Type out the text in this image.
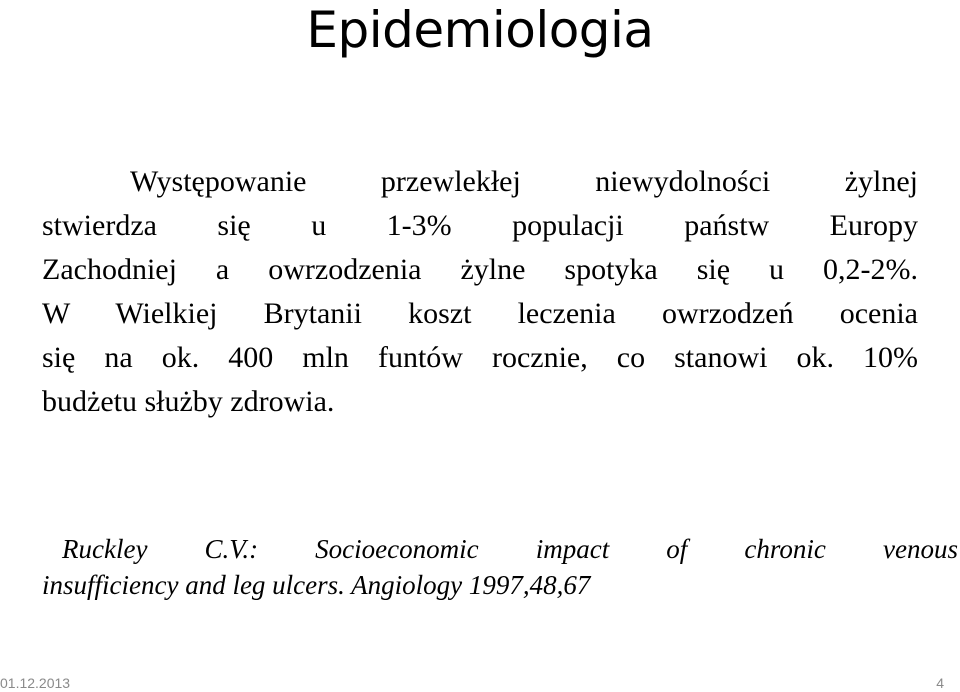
Epidemiologia
Występowanie przewlekłej niewydolności żylnej
stwierdza się u 1-3% populacji państw Europy
Zachodniej a owrzodzenia żylne spotyka się u 0,2-2%.
W Wielkiej Brytanii koszt leczenia owrzodzeń ocenia
się na ok. 400 mln funtów rocznie, co stanowi ok. 10%
budżetu służby zdrowia.
Ruckley C.V.: Socioeconomic impact of chronic venous
insufficiency and leg ulcers. Angiology 1997,48,67
01.12.2013	4
